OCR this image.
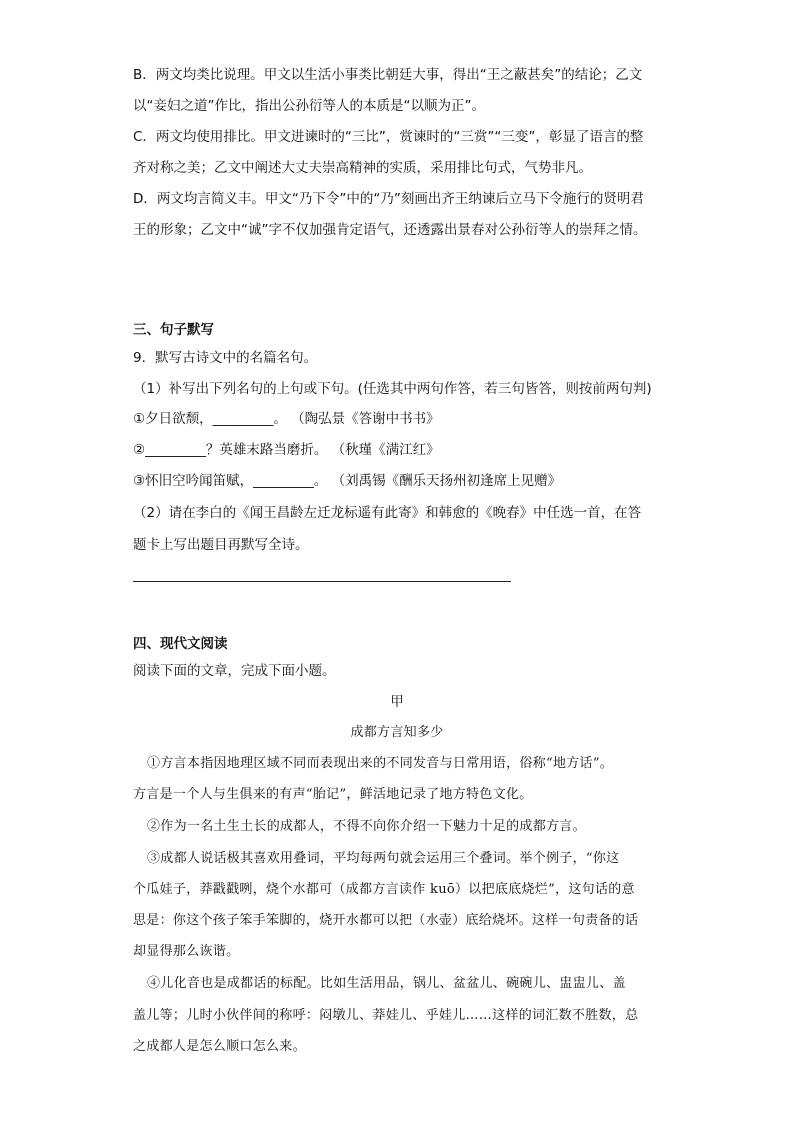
B．两文均类比说理。甲文以生活小事类比朝廷大事，得出“王之蔽甚矣”的结论；乙文
以“妾妇之道”作比，指出公孙衍等人的本质是“以顺为正”。
C．两文均使用排比。甲文进谏时的“三比”，赏谏时的“三赏”“三变”，彰显了语言的整
齐对称之美；乙文中阐述大丈夫崇高精神的实质，采用排比句式，气势非凡。
D．两文均言简义丰。甲文“乃下令”中的“乃”刻画出齐王纳谏后立马下令施行的贤明君
王的形象；乙文中“诚”字不仅加强肯定语气，还透露出景春对公孙衍等人的崇拜之情。
三、句子默写
9．默写古诗文中的名篇名句。
（1）补写出下列名句的上句或下句。(任选其中两句作答，若三句皆答，则按前两句判)
①夕日欲颓，_________。 （陶弘景《答谢中书书》
②_________？英雄末路当磨折。 （秋瑾《满江红》
③怀旧空吟闻笛赋，_________。 （刘禹锡《酬乐天扬州初逢席上见赠》
（2）请在李白的《闻王昌龄左迁龙标遥有此寄》和韩愈的《晚春》中任选一首，在答
题卡上写出题目再默写全诗。
四、现代文阅读
阅读下面的文章，完成下面小题。
甲
成都方言知多少
①方言本指因地理区域不同而表现出来的不同发音与日常用语，俗称“地方话”。
方言是一个人与生俱来的有声“胎记”，鲜活地记录了地方特色文化。
②作为一名土生土长的成都人，不得不向你介绍一下魅力十足的成都方言。
③成都人说话极其喜欢用叠词，平均每两句就会运用三个叠词。举个例子，“你这
个瓜娃子，莽戳戳咧，烧个水都可（成都方言读作 kuō）以把底底烧烂”，这句话的意
思是：你这个孩子笨手笨脚的，烧开水都可以把（水壶）底给烧坏。这样一句责备的话
却显得那么诙谐。
④儿化音也是成都话的标配。比如生活用品，锅儿、盆盆儿、碗碗儿、盅盅儿、盖
盖儿等；儿时小伙伴间的称呼：闷墩儿、莽娃儿、乎娃儿……这样的词汇数不胜数，总
之成都人是怎么顺口怎么来。
